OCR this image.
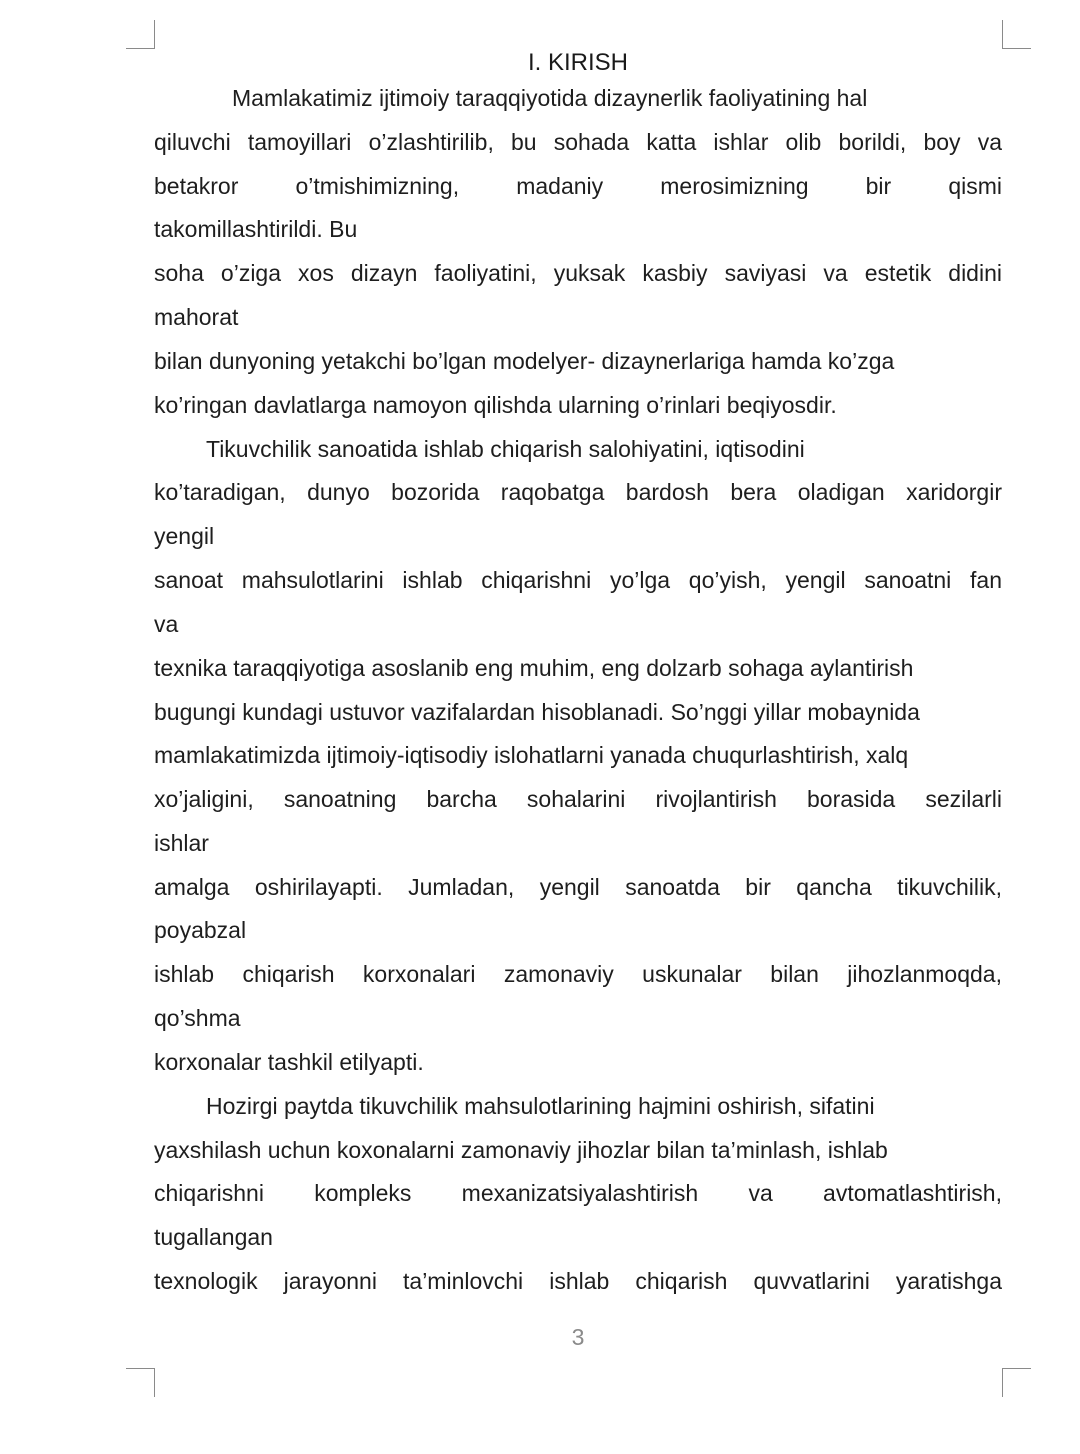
I. KIRISH
Mamlakatimiz ijtimoiy taraqqiyotida dizaynerlik faoliyatining hal
qiluvchi tamoyillari o’zlashtirilib, bu sohada katta ishlar olib borildi, boy va
betakror o’tmishimizning, madaniy merosimizning bir qismi
takomillashtirildi. Bu
soha o’ziga xos dizayn faoliyatini, yuksak kasbiy saviyasi va estetik didini
mahorat
bilan dunyoning yetakchi bo’lgan modelyer- dizaynerlariga hamda ko’zga
ko’ringan davlatlarga namoyon qilishda ularning o’rinlari beqiyosdir.
Tikuvchilik sanoatida ishlab chiqarish salohiyatini, iqtisodini
ko’taradigan, dunyo bozorida raqobatga bardosh bera oladigan xaridorgir
yengil
sanoat mahsulotlarini ishlab chiqarishni yo’lga qo’yish, yengil sanoatni fan
va
texnika taraqqiyotiga asoslanib eng muhim, eng dolzarb sohaga aylantirish
bugungi kundagi ustuvor vazifalardan hisoblanadi. So’nggi yillar mobaynida
mamlakatimizda ijtimoiy-iqtisodiy islohatlarni yanada chuqurlashtirish, xalq
xo’jaligini, sanoatning barcha sohalarini rivojlantirish borasida sezilarli
ishlar
amalga oshirilayapti. Jumladan, yengil sanoatda bir qancha tikuvchilik,
poyabzal
ishlab chiqarish korxonalari zamonaviy uskunalar bilan jihozlanmoqda,
qo’shma
korxonalar tashkil etilyapti.
Hozirgi paytda tikuvchilik mahsulotlarining hajmini oshirish, sifatini
yaxshilash uchun koxonalarni zamonaviy jihozlar bilan ta’minlash, ishlab
chiqarishni kompleks mexanizatsiyalashtirish va avtomatlashtirish,
tugallangan
texnologik jarayonni ta’minlovchi ishlab chiqarish quvvatlarini yaratishga
3
